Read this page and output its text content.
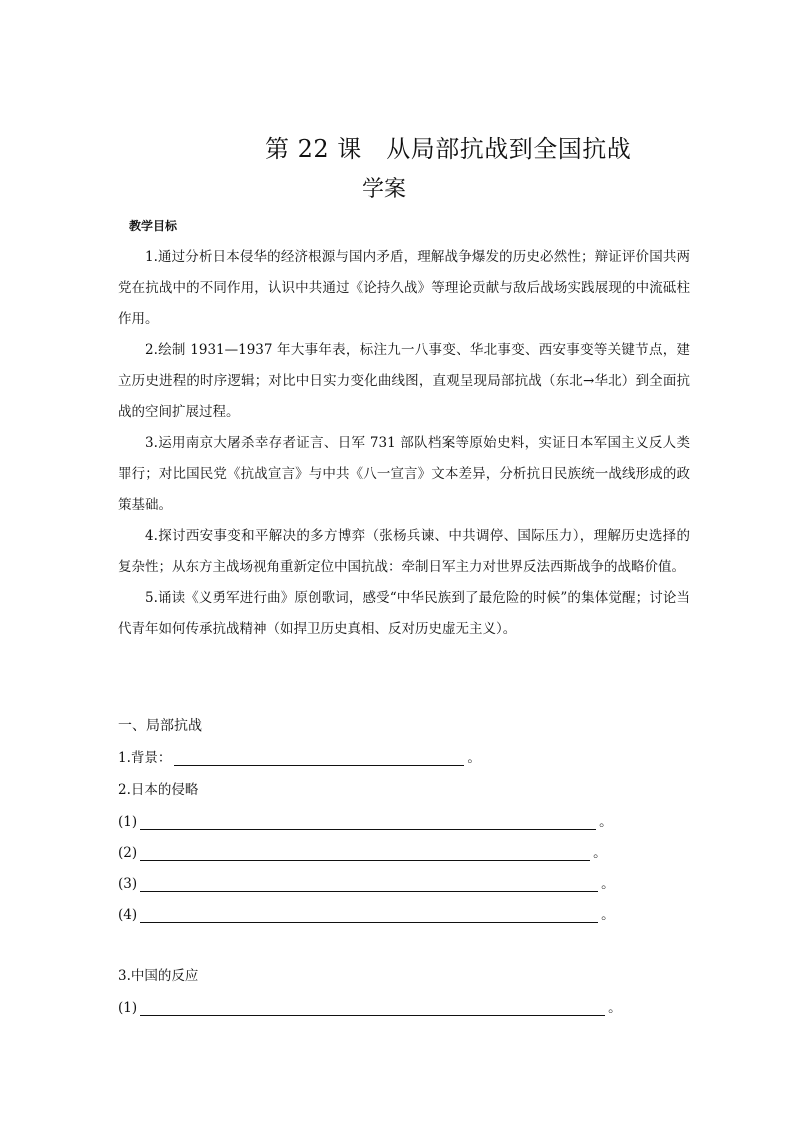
第 22 课　从局部抗战到全国抗战
学案
教学目标

1.通过分析日本侵华的经济根源与国内矛盾，理解战争爆发的历史必然性；辩证评价国共两党在抗战中的不同作用，认识中共通过《论持久战》等理论贡献与敌后战场实践展现的中流砥柱作用。

2.绘制 1931—1937 年大事年表，标注九一八事变、华北事变、西安事变等关键节点，建立历史进程的时序逻辑；对比中日实力变化曲线图，直观呈现局部抗战（东北→华北）到全面抗战的空间扩展过程。

3.运用南京大屠杀幸存者证言、日军 731 部队档案等原始史料，实证日本军国主义反人类罪行；对比国民党《抗战宣言》与中共《八一宣言》文本差异，分析抗日民族统一战线形成的政策基础。

4.探讨西安事变和平解决的多方博弈（张杨兵谏、中共调停、国际压力），理解历史选择的复杂性；从东方主战场视角重新定位中国抗战：牵制日军主力对世界反法西斯战争的战略价值。

5.诵读《义勇军进行曲》原创歌词，感受“中华民族到了最危险的时候”的集体觉醒；讨论当代青年如何传承抗战精神（如捍卫历史真相、反对历史虚无主义）。

一、局部抗战
1.背景：	。
2.日本的侵略
(1)	。
(2)	。
(3)	。
(4)	。
3.中国的反应
(1)	。
